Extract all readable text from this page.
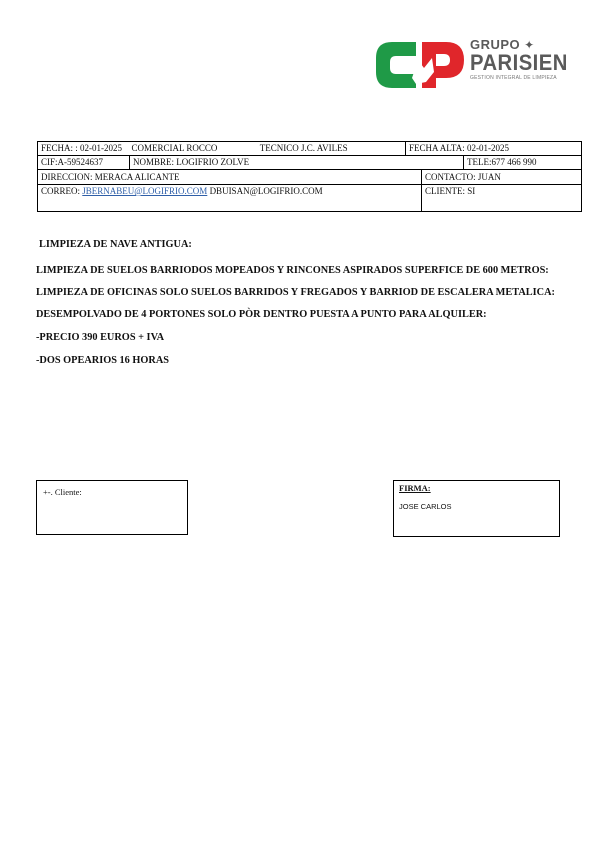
GRUPO ✦
PARISIEN
GESTION INTEGRAL DE LIMPIEZA
FECHA: : 02-01-2025 COMERCIAL ROCCO	TECNICO J.C. AVILES	FECHA ALTA: 02-01-2025
CIF:A-59524637	NOMBRE: LOGIFRIO ZOLVE	TELE:677 466 990
DIRECCION: MERACA ALICANTE	CONTACTO: JUAN
CORREO: JBERNABEU@LOGIFRIO.COM DBUISAN@LOGIFRIO.COM	CLIENTE: SI

LIMPIEZA DE NAVE ANTIGUA:

LIMPIEZA DE SUELOS BARRIODOS MOPEADOS Y RINCONES ASPIRADOS SUPERFICE DE 600 METROS:

LIMPIEZA DE OFICINAS SOLO SUELOS BARRIDOS Y FREGADOS Y BARRIOD DE ESCALERA METALICA:

DESEMPOLVADO DE 4 PORTONES SOLO PÒR DENTRO PUESTA A PUNTO PARA ALQUILER:

-PRECIO 390 EUROS + IVA

-DOS OPEARIOS 16 HORAS

+-. Cliente:	FIRMA:
JOSE CARLOS
